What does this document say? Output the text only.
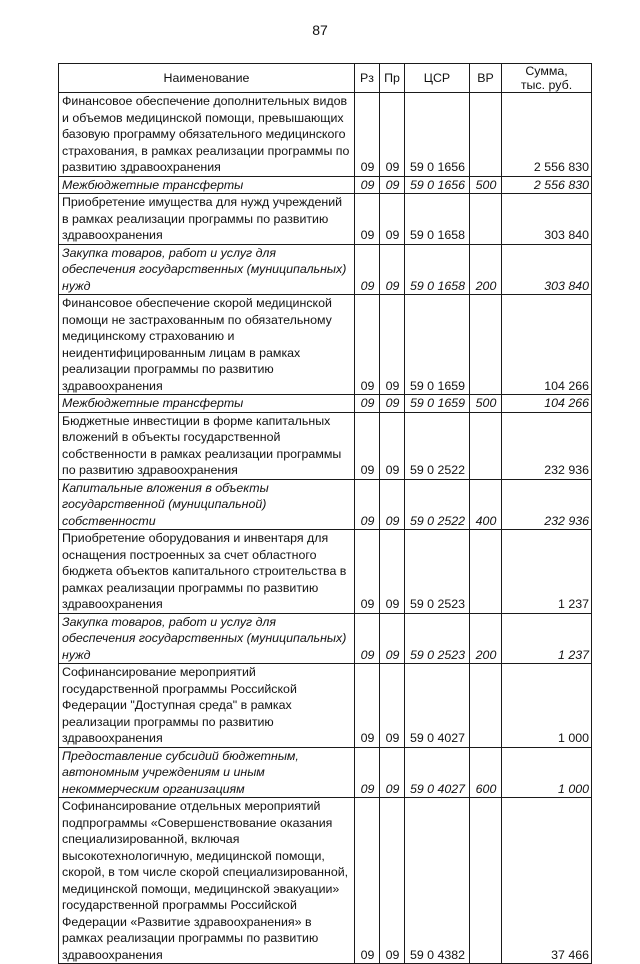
87
Наименование	Рз	Пр	ЦСР	ВР	Сумма,
тыс. руб.
Финансовое обеспечение дополнительных видов и объемов медицинской помощи, превышающих базовую программу обязательного медицинского страхования, в рамках реализации программы по развитию здравоохранения	09	09	59 0 1656		2 556 830
Межбюджетные трансферты	09	09	59 0 1656	500	2 556 830
Приобретение имущества для нужд учреждений в рамках реализации программы по развитию здравоохранения	09	09	59 0 1658		303 840
Закупка товаров, работ и услуг для обеспечения государственных (муниципальных) нужд	09	09	59 0 1658	200	303 840
Финансовое обеспечение скорой медицинской помощи не застрахованным по обязательному медицинскому страхованию и неидентифицированным лицам в рамках реализации программы по развитию здравоохранения	09	09	59 0 1659		104 266
Межбюджетные трансферты	09	09	59 0 1659	500	104 266
Бюджетные инвестиции в форме капитальных вложений в объекты государственной собственности в рамках реализации программы по развитию здравоохранения	09	09	59 0 2522		232 936
Капитальные вложения в объекты государственной (муниципальной) собственности	09	09	59 0 2522	400	232 936
Приобретение оборудования и инвентаря для оснащения построенных за счет областного бюджета объектов капитального строительства в рамках реализации программы по развитию здравоохранения	09	09	59 0 2523		1 237
Закупка товаров, работ и услуг для обеспечения государственных (муниципальных) нужд	09	09	59 0 2523	200	1 237
Софинансирование мероприятий государственной программы Российской Федерации "Доступная среда" в рамках реализации программы по развитию здравоохранения	09	09	59 0 4027		1 000
Предоставление субсидий бюджетным, автономным учреждениям и иным некоммерческим организациям	09	09	59 0 4027	600	1 000
Софинансирование отдельных мероприятий подпрограммы «Совершенствование оказания специализированной, включая высокотехнологичную, медицинской помощи, скорой, в том числе скорой специализированной, медицинской помощи, медицинской эвакуации» государственной программы Российской Федерации «Развитие здравоохранения» в рамках реализации программы по развитию здравоохранения	09	09	59 0 4382		37 466
